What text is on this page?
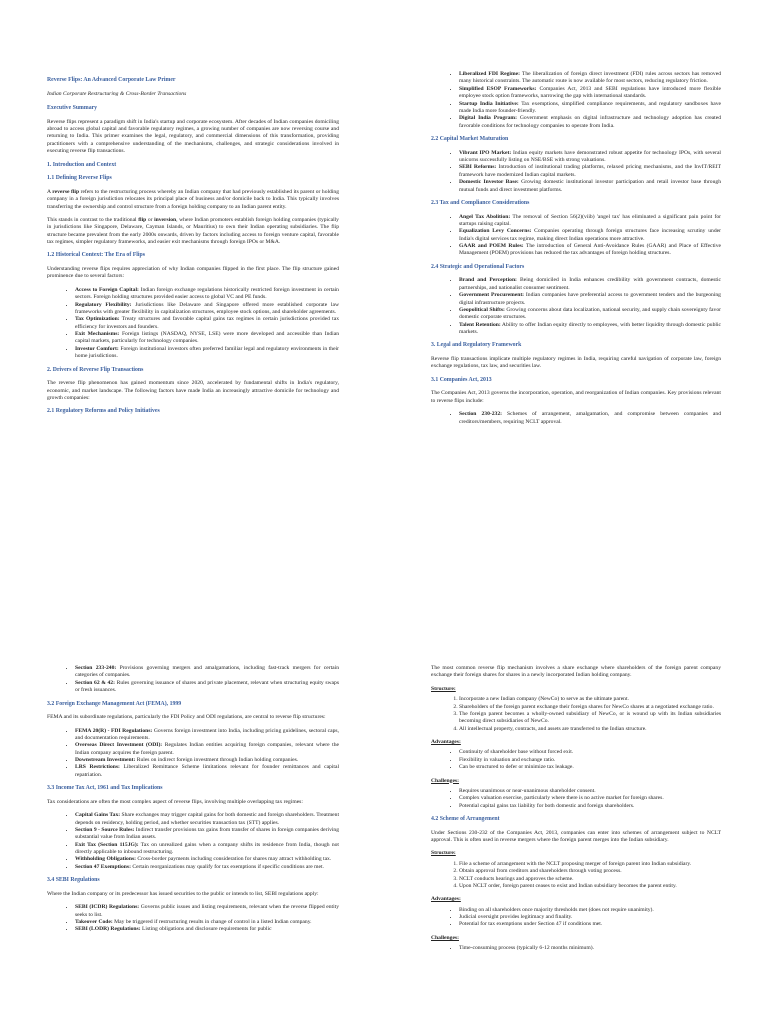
Reverse Flips: An Advanced Corporate Law Primer

Indian Corporate Restructuring & Cross-Border Transactions

Executive Summary

Reverse flips represent a paradigm shift in India's startup and corporate ecosystem. After decades of Indian companies domiciling abroad to access global capital and favorable regulatory regimes, a growing number of companies are now reversing course and returning to India. This primer examines the legal, regulatory, and commercial dimensions of this transformation, providing practitioners with a comprehensive understanding of the mechanisms, challenges, and strategic considerations involved in executing reverse flip transactions.

1. Introduction and Context
1.1 Defining Reverse Flips

A reverse flip refers to the restructuring process whereby an Indian company that had previously established its parent or holding company in a foreign jurisdiction relocates its principal place of business and/or domicile back to India. This typically involves transferring the ownership and control structure from a foreign holding company to an Indian parent entity.

This stands in contrast to the traditional flip or inversion, where Indian promoters establish foreign holding companies (typically in jurisdictions like Singapore, Delaware, Cayman Islands, or Mauritius) to own their Indian operating subsidiaries. The flip structure became prevalent from the early 2000s onwards, driven by factors including access to foreign venture capital, favorable tax regimes, simpler regulatory frameworks, and easier exit mechanisms through foreign IPOs or M&A.

1.2 Historical Context: The Era of Flips

Understanding reverse flips requires appreciation of why Indian companies flipped in the first place. The flip structure gained prominence due to several factors:

• Access to Foreign Capital: Indian foreign exchange regulations historically restricted foreign investment in certain sectors. Foreign holding structures provided easier access to global VC and PE funds.
• Regulatory Flexibility: Jurisdictions like Delaware and Singapore offered more established corporate law frameworks with greater flexibility in capitalization structures, employee stock options, and shareholder agreements.
• Tax Optimization: Treaty structures and favorable capital gains tax regimes in certain jurisdictions provided tax efficiency for investors and founders.
• Exit Mechanisms: Foreign listings (NASDAQ, NYSE, LSE) were more developed and accessible than Indian capital markets, particularly for technology companies.
• Investor Comfort: Foreign institutional investors often preferred familiar legal and regulatory environments in their home jurisdictions.
2. Drivers of Reverse Flip Transactions

The reverse flip phenomenon has gained momentum since 2020, accelerated by fundamental shifts in India's regulatory, economic, and market landscape. The following factors have made India an increasingly attractive domicile for technology and growth companies:

2.1 Regulatory Reforms and Policy Initiatives
• Liberalized FDI Regime: The liberalization of foreign direct investment (FDI) rules across sectors has removed many historical constraints. The automatic route is now available for most sectors, reducing regulatory friction.
• Simplified ESOP Frameworks: Companies Act, 2013 and SEBI regulations have introduced more flexible employee stock option frameworks, narrowing the gap with international standards.
• Startup India Initiative: Tax exemptions, simplified compliance requirements, and regulatory sandboxes have made India more founder-friendly.
• Digital India Program: Government emphasis on digital infrastructure and technology adoption has created favorable conditions for technology companies to operate from India.
2.2 Capital Market Maturation
• Vibrant IPO Market: Indian equity markets have demonstrated robust appetite for technology IPOs, with several unicorns successfully listing on NSE/BSE with strong valuations.
• SEBI Reforms: Introduction of institutional trading platforms, relaxed pricing mechanisms, and the InvIT/REIT framework have modernized Indian capital markets.
• Domestic Investor Base: Growing domestic institutional investor participation and retail investor base through mutual funds and direct investment platforms.
2.3 Tax and Compliance Considerations
• Angel Tax Abolition: The removal of Section 56(2)(viib) 'angel tax' has eliminated a significant pain point for startups raising capital.
• Equalization Levy Concerns: Companies operating through foreign structures face increasing scrutiny under India's digital services tax regime, making direct Indian operations more attractive.
• GAAR and POEM Rules: The introduction of General Anti-Avoidance Rules (GAAR) and Place of Effective Management (POEM) provisions has reduced the tax advantages of foreign holding structures.
2.4 Strategic and Operational Factors
• Brand and Perception: Being domiciled in India enhances credibility with government contracts, domestic partnerships, and nationalist consumer sentiment.
• Government Procurement: Indian companies have preferential access to government tenders and the burgeoning digital infrastructure projects.
• Geopolitical Shifts: Growing concerns about data localization, national security, and supply chain sovereignty favor domestic corporate structures.
• Talent Retention: Ability to offer Indian equity directly to employees, with better liquidity through domestic public markets.
3. Legal and Regulatory Framework

Reverse flip transactions implicate multiple regulatory regimes in India, requiring careful navigation of corporate law, foreign exchange regulations, tax law, and securities law.

3.1 Companies Act, 2013

The Companies Act, 2013 governs the incorporation, operation, and reorganization of Indian companies. Key provisions relevant to reverse flips include:

• Section 230-232: Schemes of arrangement, amalgamation, and compromise between companies and creditors/members, requiring NCLT approval.
• Section 233-240: Provisions governing mergers and amalgamations, including fast-track mergers for certain categories of companies.
• Section 62 & 42: Rules governing issuance of shares and private placement, relevant when structuring equity swaps or fresh issuances.
3.2 Foreign Exchange Management Act (FEMA), 1999

FEMA and its subordinate regulations, particularly the FDI Policy and ODI regulations, are central to reverse flip structures:

• FEMA 20(R) - FDI Regulations: Governs foreign investment into India, including pricing guidelines, sectoral caps, and documentation requirements.
• Overseas Direct Investment (ODI): Regulates Indian entities acquiring foreign companies, relevant where the Indian company acquires the foreign parent.
• Downstream Investment: Rules on indirect foreign investment through Indian holding companies.
• LRS Restrictions: Liberalized Remittance Scheme limitations relevant for founder remittances and capital repatriation.
3.3 Income Tax Act, 1961 and Tax Implications

Tax considerations are often the most complex aspect of reverse flips, involving multiple overlapping tax regimes:

• Capital Gains Tax: Share exchanges may trigger capital gains for both domestic and foreign shareholders. Treatment depends on residency, holding period, and whether securities transaction tax (STT) applies.
• Section 9 - Source Rules: Indirect transfer provisions tax gains from transfer of shares in foreign companies deriving substantial value from Indian assets.
• Exit Tax (Section 115JG): Tax on unrealized gains when a company shifts its residence from India, though not directly applicable to inbound restructuring.
• Withholding Obligations: Cross-border payments including consideration for shares may attract withholding tax.
• Section 47 Exemptions: Certain reorganizations may qualify for tax exemptions if specific conditions are met.
3.4 SEBI Regulations

Where the Indian company or its predecessor has issued securities to the public or intends to list, SEBI regulations apply:

• SEBI (ICDR) Regulations: Governs public issues and listing requirements, relevant when the reverse flipped entity seeks to list.
• Takeover Code: May be triggered if restructuring results in change of control in a listed Indian company.
• SEBI (LODR) Regulations: Listing obligations and disclosure requirements for public

The most common reverse flip mechanism involves a share exchange where shareholders of the foreign parent company exchange their foreign shares for shares in a newly incorporated Indian holding company.

Structure:
1. Incorporate a new Indian company (NewCo) to serve as the ultimate parent.
2. Shareholders of the foreign parent exchange their foreign shares for NewCo shares at a negotiated exchange ratio.
3. The foreign parent becomes a wholly-owned subsidiary of NewCo, or is wound up with its Indian subsidiaries becoming direct subsidiaries of NewCo.
4. All intellectual property, contracts, and assets are transferred to the Indian structure.
Advantages:
• Continuity of shareholder base without forced exit.
• Flexibility in valuation and exchange ratio.
• Can be structured to defer or minimize tax leakage.
Challenges:
• Requires unanimous or near-unanimous shareholder consent.
• Complex valuation exercise, particularly where there is no active market for foreign shares.
• Potential capital gains tax liability for both domestic and foreign shareholders.
4.2 Scheme of Arrangement

Under Sections 230-232 of the Companies Act, 2013, companies can enter into schemes of arrangement subject to NCLT approval. This is often used in reverse mergers where the foreign parent merges into the Indian subsidiary.

Structure:
1. File a scheme of arrangement with the NCLT proposing merger of foreign parent into Indian subsidiary.
2. Obtain approval from creditors and shareholders through voting process.
3. NCLT conducts hearings and approves the scheme.
4. Upon NCLT order, foreign parent ceases to exist and Indian subsidiary becomes the parent entity.
Advantages:
• Binding on all shareholders once majority thresholds met (does not require unanimity).
• Judicial oversight provides legitimacy and finality.
• Potential for tax exemptions under Section 47 if conditions met.
Challenges:
• Time-consuming process (typically 6-12 months minimum).
